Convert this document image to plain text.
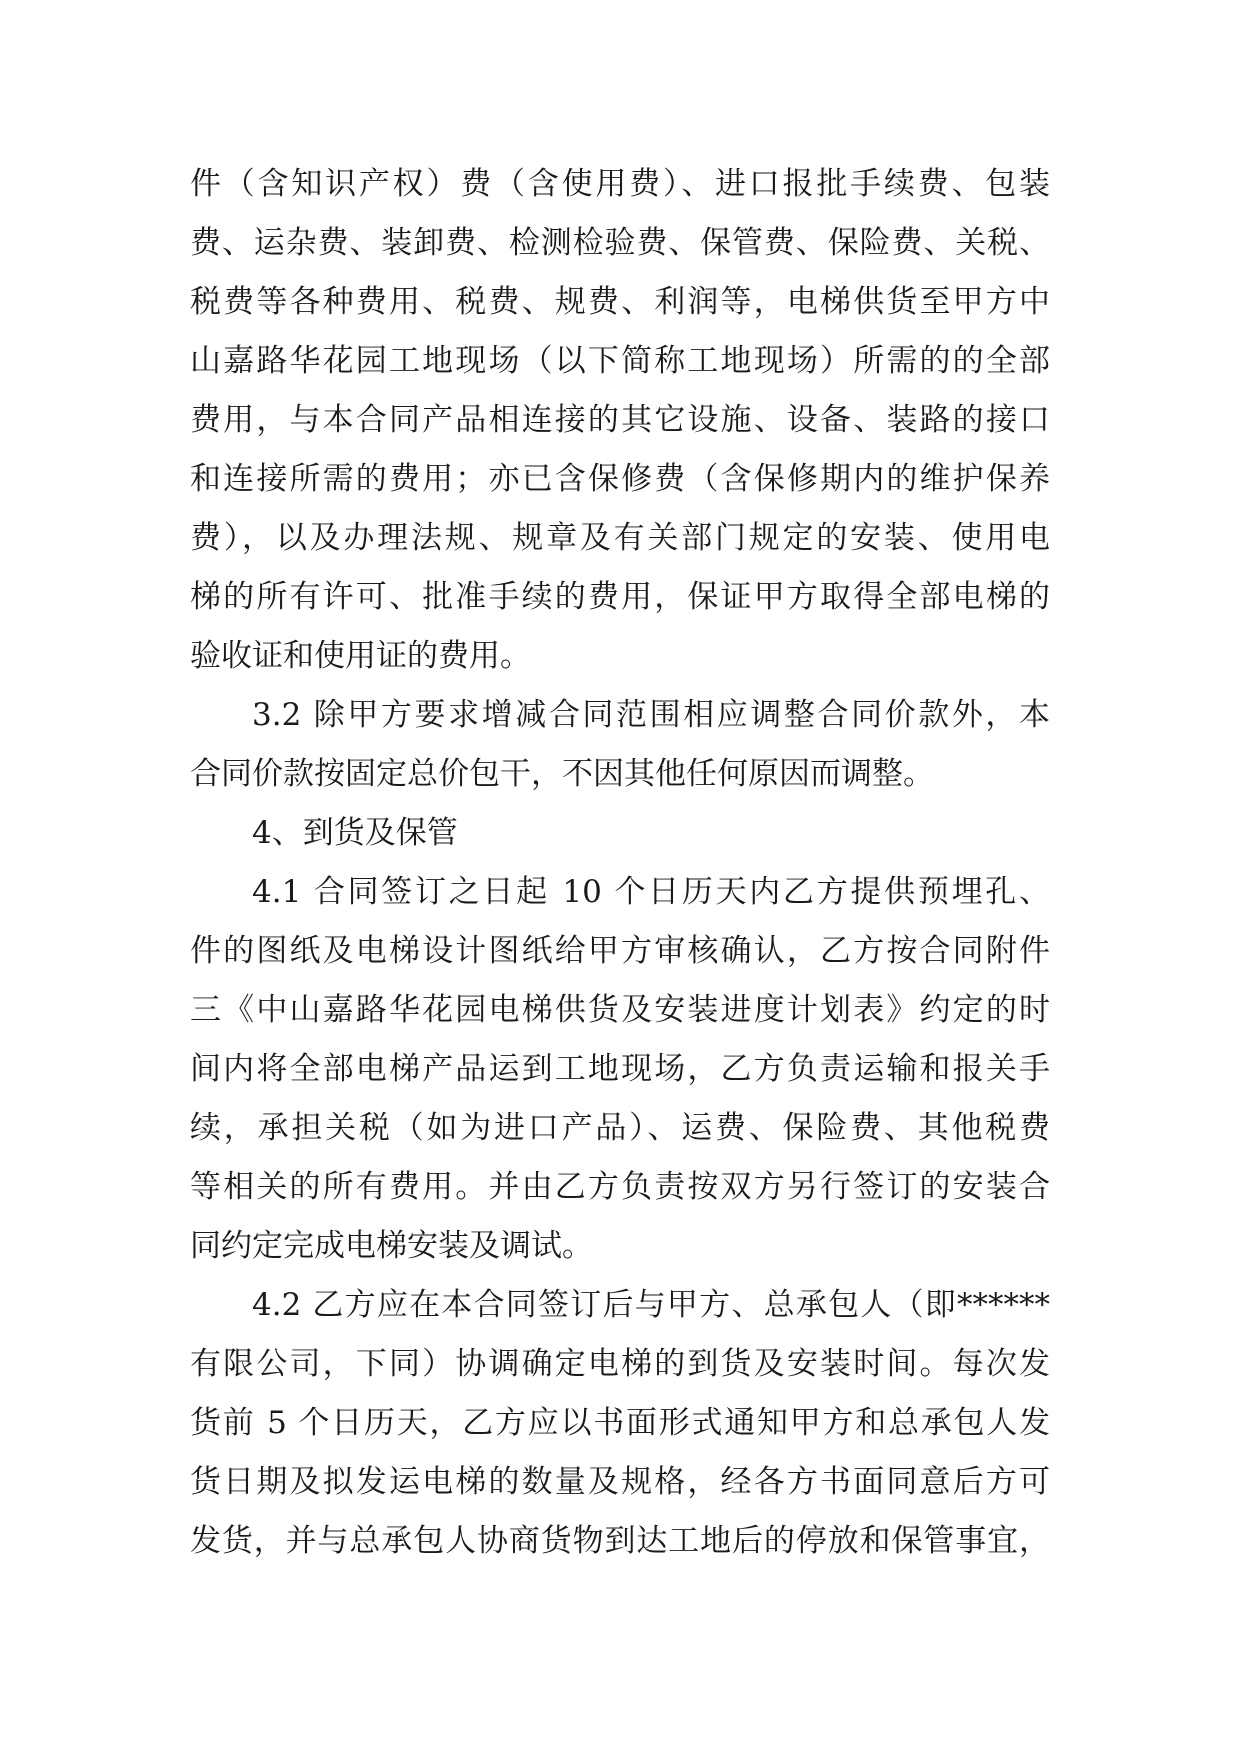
件（含知识产权）费（含使用费）、进口报批手续费、包装
费、运杂费、装卸费、检测检验费、保管费、保险费、关税、
税费等各种费用、税费、规费、利润等，电梯供货至甲方中
山嘉路华花园工地现场（以下简称工地现场）所需的的全部
费用，与本合同产品相连接的其它设施、设备、装路的接口
和连接所需的费用；亦已含保修费（含保修期内的维护保养
费），以及办理法规、规章及有关部门规定的安装、使用电
梯的所有许可、批准手续的费用，保证甲方取得全部电梯的
验收证和使用证的费用。
3.2 除甲方要求增减合同范围相应调整合同价款外，本
合同价款按固定总价包干，不因其他任何原因而调整。
4、到货及保管
4.1 合同签订之日起 10 个日历天内乙方提供预埋孔、
件的图纸及电梯设计图纸给甲方审核确认，乙方按合同附件
三《中山嘉路华花园电梯供货及安装进度计划表》约定的时
间内将全部电梯产品运到工地现场，乙方负责运输和报关手
续，承担关税（如为进口产品）、运费、保险费、其他税费
等相关的所有费用。并由乙方负责按双方另行签订的安装合
同约定完成电梯安装及调试。
4.2 乙方应在本合同签订后与甲方、总承包人（即******
有限公司，下同）协调确定电梯的到货及安装时间。每次发
货前 5 个日历天，乙方应以书面形式通知甲方和总承包人发
货日期及拟发运电梯的数量及规格，经各方书面同意后方可
发货，并与总承包人协商货物到达工地后的停放和保管事宜，
